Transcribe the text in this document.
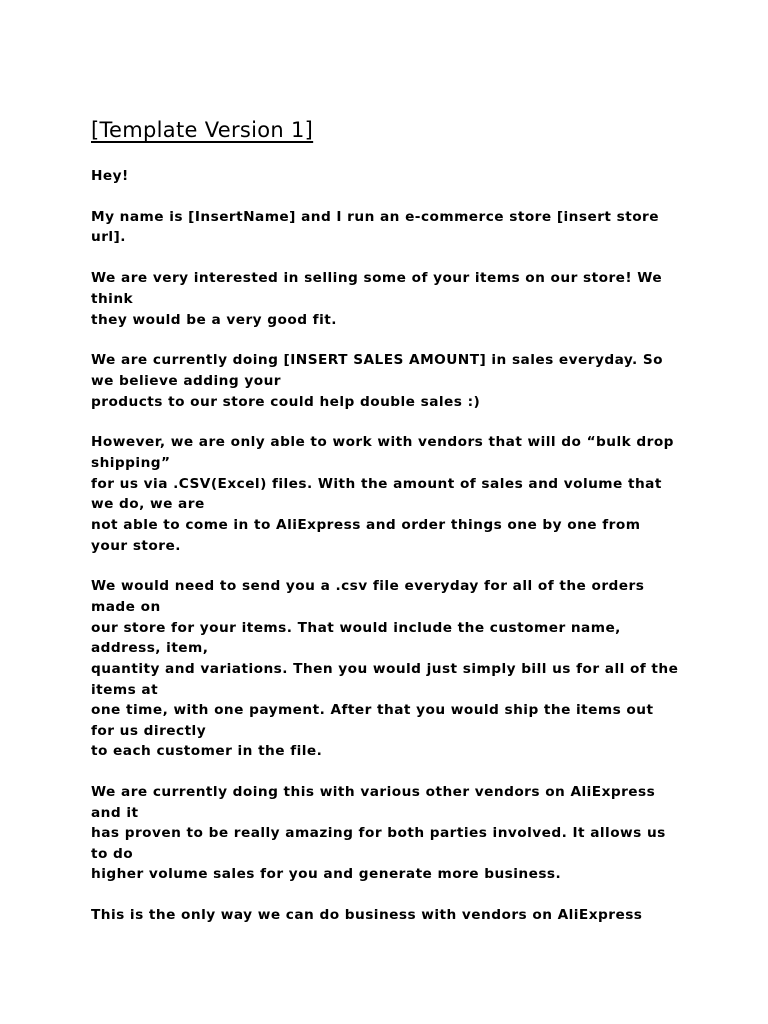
[Template Version 1]

Hey!

My name is [InsertName] and I run an e-commerce store [insert store

url].

We are very interested in selling some of your items on our store! We

think

they would be a very good fit.

We are currently doing [INSERT SALES AMOUNT] in sales everyday. So

we believe adding your

products to our store could help double sales :)

However, we are only able to work with vendors that will do “bulk drop

shipping”

for us via .CSV(Excel) files. With the amount of sales and volume that

we do, we are

not able to come in to AliExpress and order things one by one from

your store.

We would need to send you a .csv file everyday for all of the orders

made on

our store for your items. That would include the customer name,

address, item,

quantity and variations. Then you would just simply bill us for all of the

items at

one time, with one payment. After that you would ship the items out

for us directly

to each customer in the file.

We are currently doing this with various other vendors on AliExpress

and it

has proven to be really amazing for both parties involved. It allows us

to do

higher volume sales for you and generate more business.

This is the only way we can do business with vendors on AliExpress
